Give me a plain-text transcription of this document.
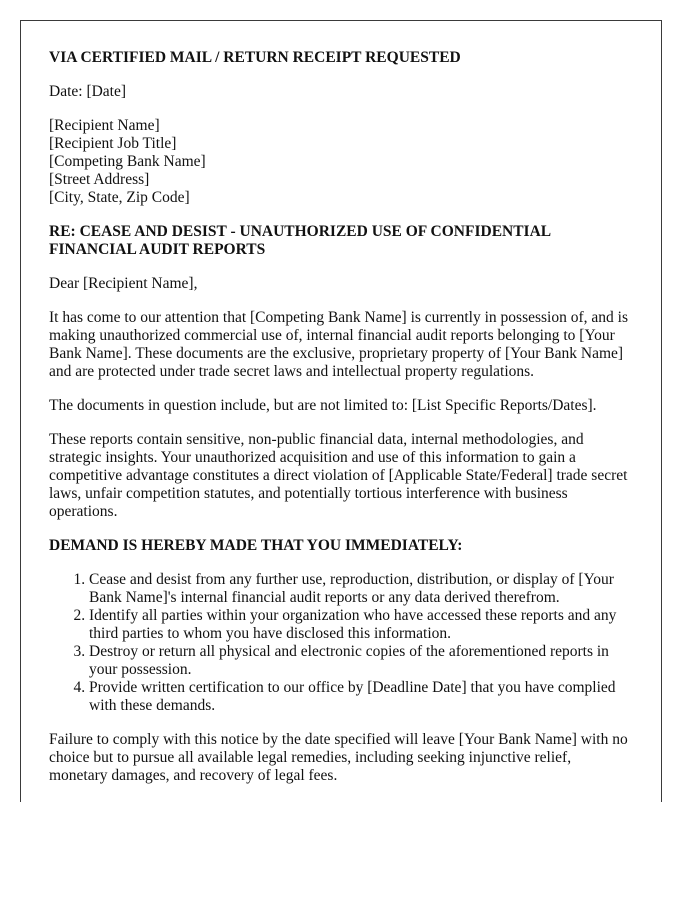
VIA CERTIFIED MAIL / RETURN RECEIPT REQUESTED

Date: [Date]

[Recipient Name]
[Recipient Job Title]
[Competing Bank Name]
[Street Address]
[City, State, Zip Code]

RE: CEASE AND DESIST - UNAUTHORIZED USE OF CONFIDENTIAL FINANCIAL AUDIT REPORTS

Dear [Recipient Name],

It has come to our attention that [Competing Bank Name] is currently in possession of, and is making unauthorized commercial use of, internal financial audit reports belonging to [Your Bank Name]. These documents are the exclusive, proprietary property of [Your Bank Name] and are protected under trade secret laws and intellectual property regulations.

The documents in question include, but are not limited to: [List Specific Reports/Dates].

These reports contain sensitive, non-public financial data, internal methodologies, and strategic insights. Your unauthorized acquisition and use of this information to gain a competitive advantage constitutes a direct violation of [Applicable State/Federal] trade secret laws, unfair competition statutes, and potentially tortious interference with business operations.

DEMAND IS HEREBY MADE THAT YOU IMMEDIATELY:

1. Cease and desist from any further use, reproduction, distribution, or display of [Your Bank Name]'s internal financial audit reports or any data derived therefrom.
2. Identify all parties within your organization who have accessed these reports and any third parties to whom you have disclosed this information.
3. Destroy or return all physical and electronic copies of the aforementioned reports in your possession.
4. Provide written certification to our office by [Deadline Date] that you have complied with these demands.

Failure to comply with this notice by the date specified will leave [Your Bank Name] with no choice but to pursue all available legal remedies, including seeking injunctive relief, monetary damages, and recovery of legal fees.
